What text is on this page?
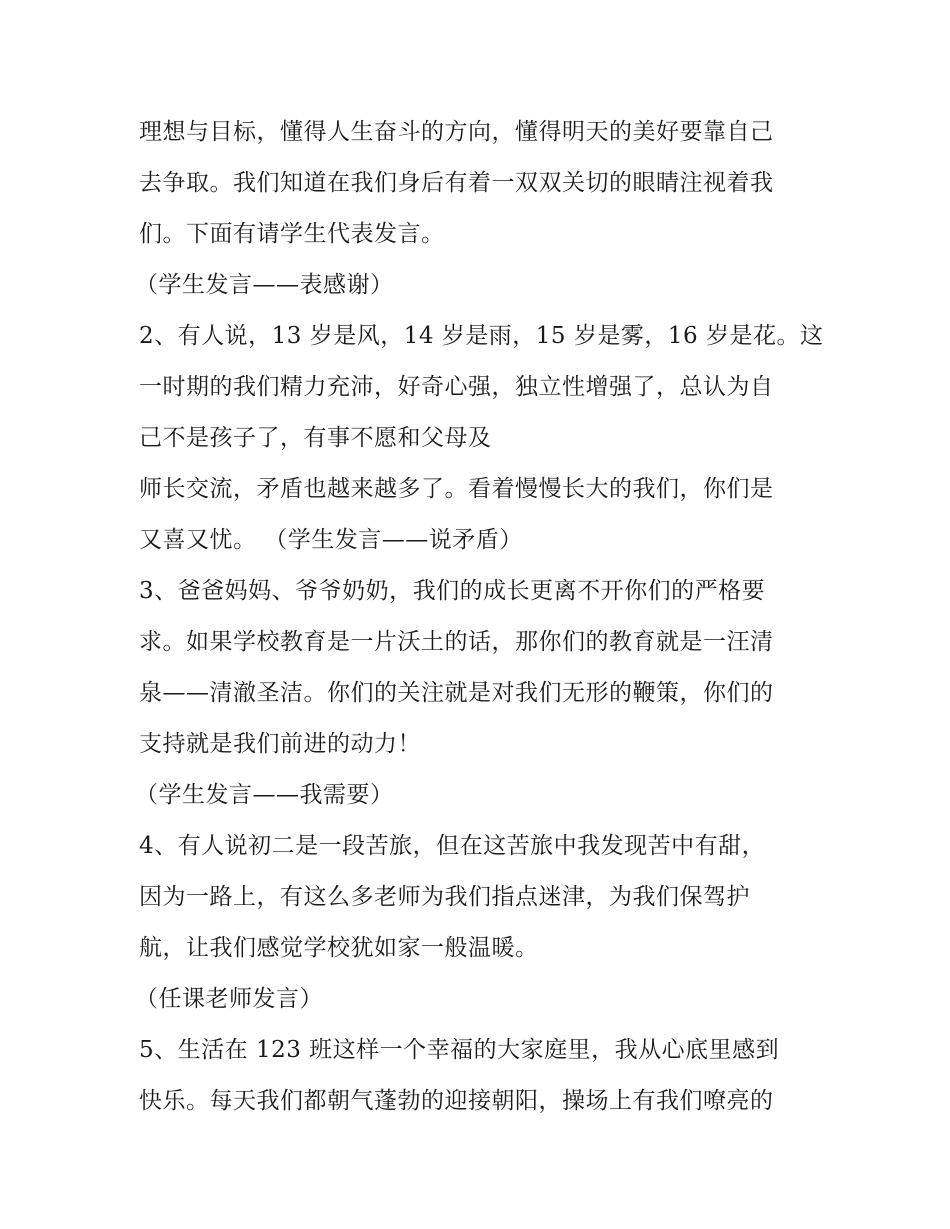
理想与目标，懂得人生奋斗的方向，懂得明天的美好要靠自己
去争取。我们知道在我们身后有着一双双关切的眼睛注视着我
们。下面有请学生代表发言。
（学生发言——表感谢）
2、有人说，13 岁是风，14 岁是雨，15 岁是雾，16 岁是花。这
一时期的我们精力充沛，好奇心强，独立性增强了，总认为自
己不是孩子了，有事不愿和父母及
师长交流，矛盾也越来越多了。看着慢慢长大的我们，你们是
又喜又忧。 （学生发言——说矛盾）
3、爸爸妈妈、爷爷奶奶，我们的成长更离不开你们的严格要
求。如果学校教育是一片沃土的话，那你们的教育就是一汪清
泉——清澈圣洁。你们的关注就是对我们无形的鞭策，你们的
支持就是我们前进的动力！
（学生发言——我需要）
4、有人说初二是一段苦旅，但在这苦旅中我发现苦中有甜，
因为一路上，有这么多老师为我们指点迷津，为我们保驾护
航，让我们感觉学校犹如家一般温暖。
（任课老师发言）
5、生活在 123 班这样一个幸福的大家庭里，我从心底里感到
快乐。每天我们都朝气蓬勃的迎接朝阳，操场上有我们嘹亮的
